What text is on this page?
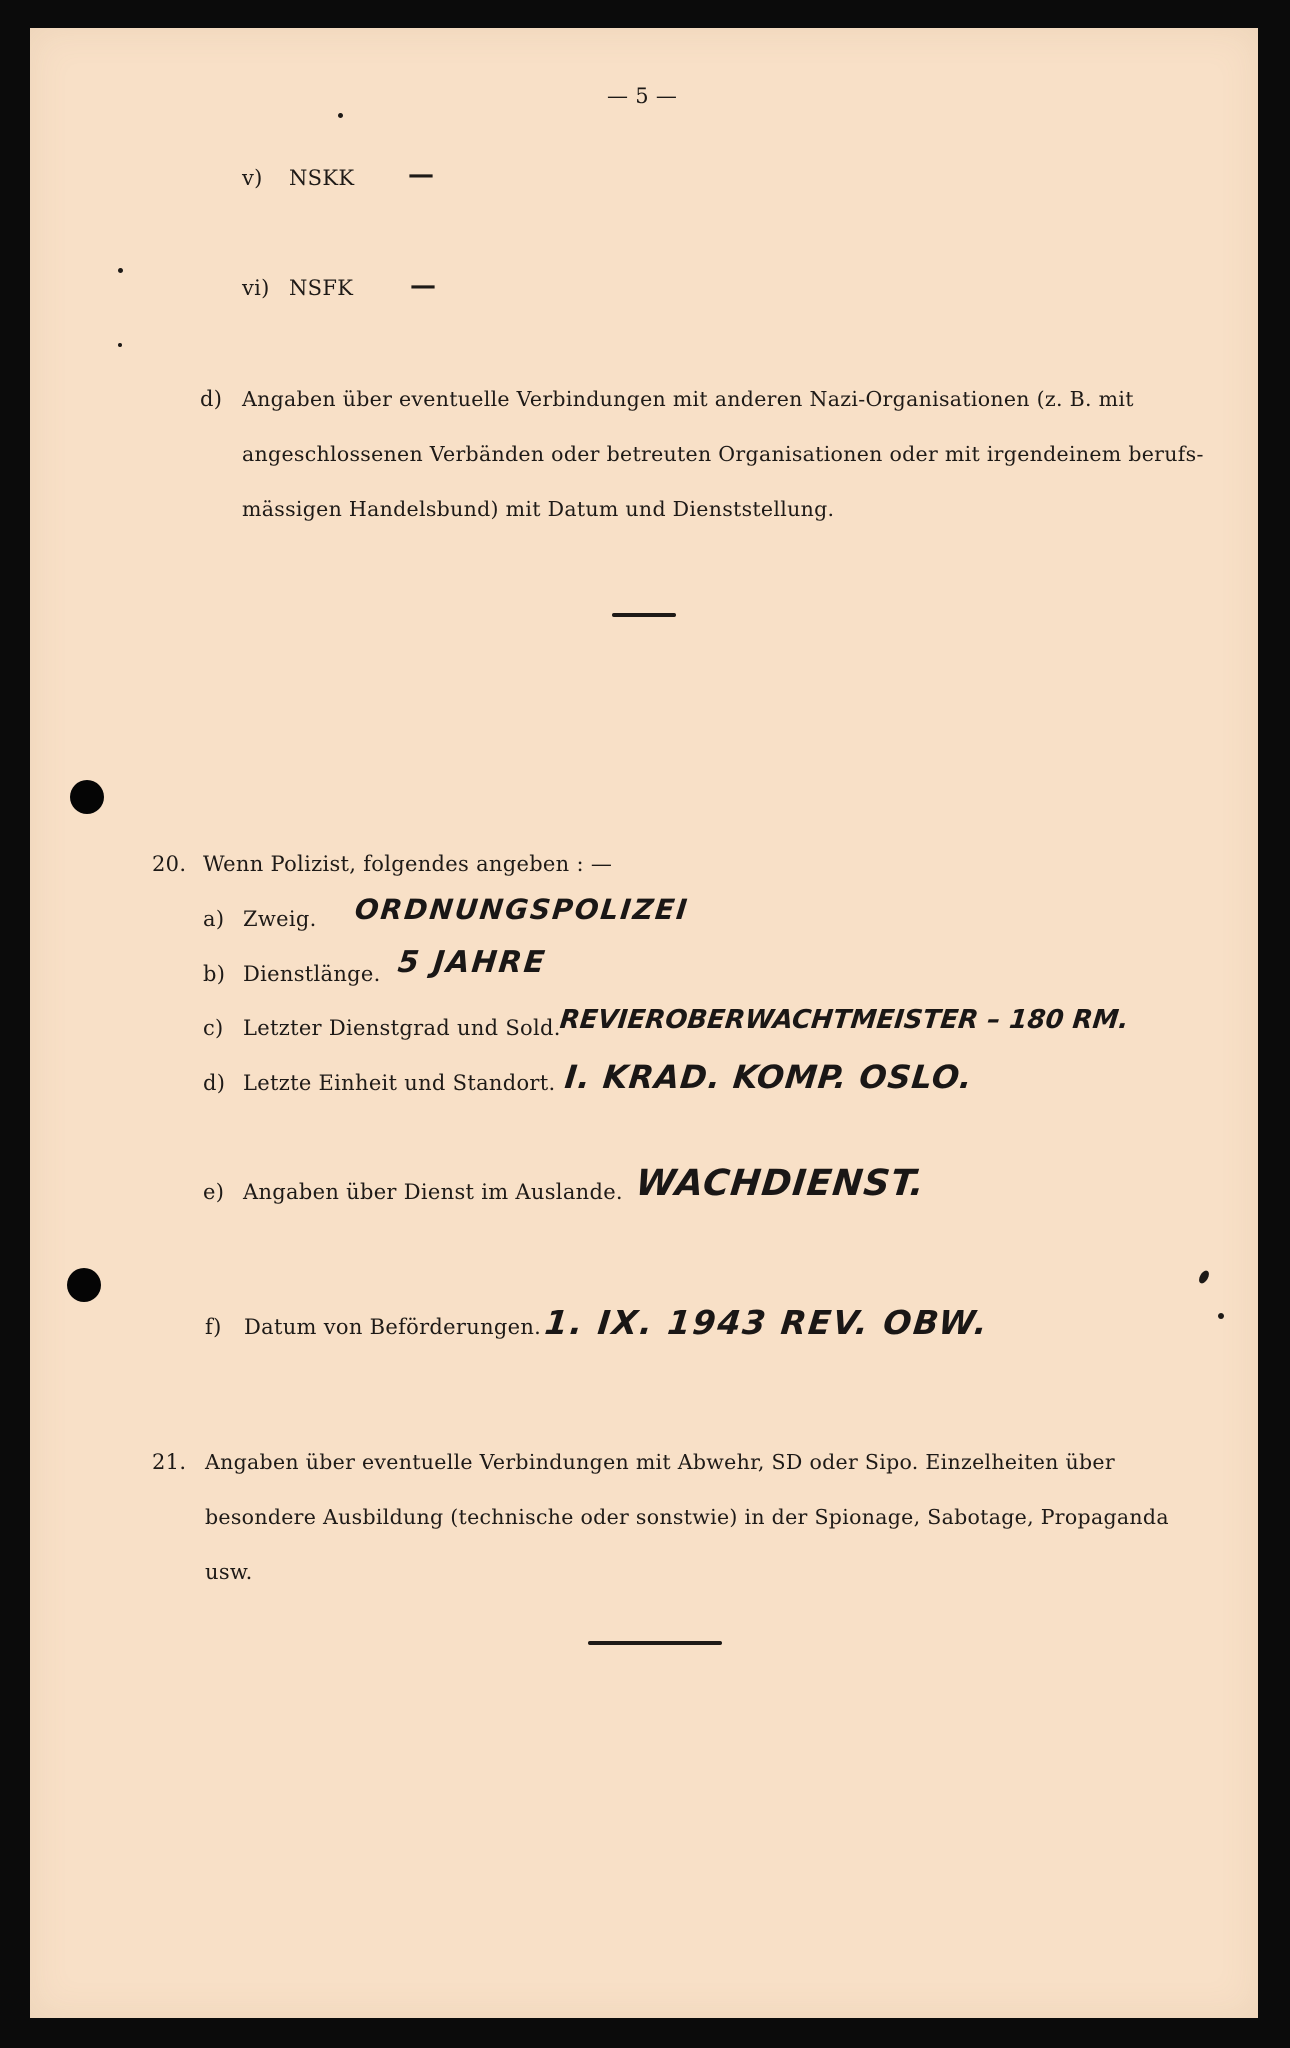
— 5 —
v) NSKK —
vi) NSFK —
d) Angaben über eventuelle Verbindungen mit anderen Nazi-Organisationen (z. B. mit
angeschlossenen Verbänden oder betreuten Organisationen oder mit irgendeinem berufs-
mässigen Handelsbund) mit Datum und Dienststellung.
20. Wenn Polizist, folgendes angeben : —
a) Zweig. ORDNUNGSPOLIZEI
b) Dienstlänge. 5 JAHRE
c) Letzter Dienstgrad und Sold.
REVIEROBERWACHTMEISTER – 180 RM.
d) Letzte Einheit und Standort. I. KRAD. KOMP. OSLO.
e) Angaben über Dienst im Auslande. WACHDIENST.
f) Datum von Beförderungen. 1. IX. 1943 REV. OBW.
21. Angaben über eventuelle Verbindungen mit Abwehr, SD oder Sipo. Einzelheiten über
besondere Ausbildung (technische oder sonstwie) in der Spionage, Sabotage, Propaganda
usw.
